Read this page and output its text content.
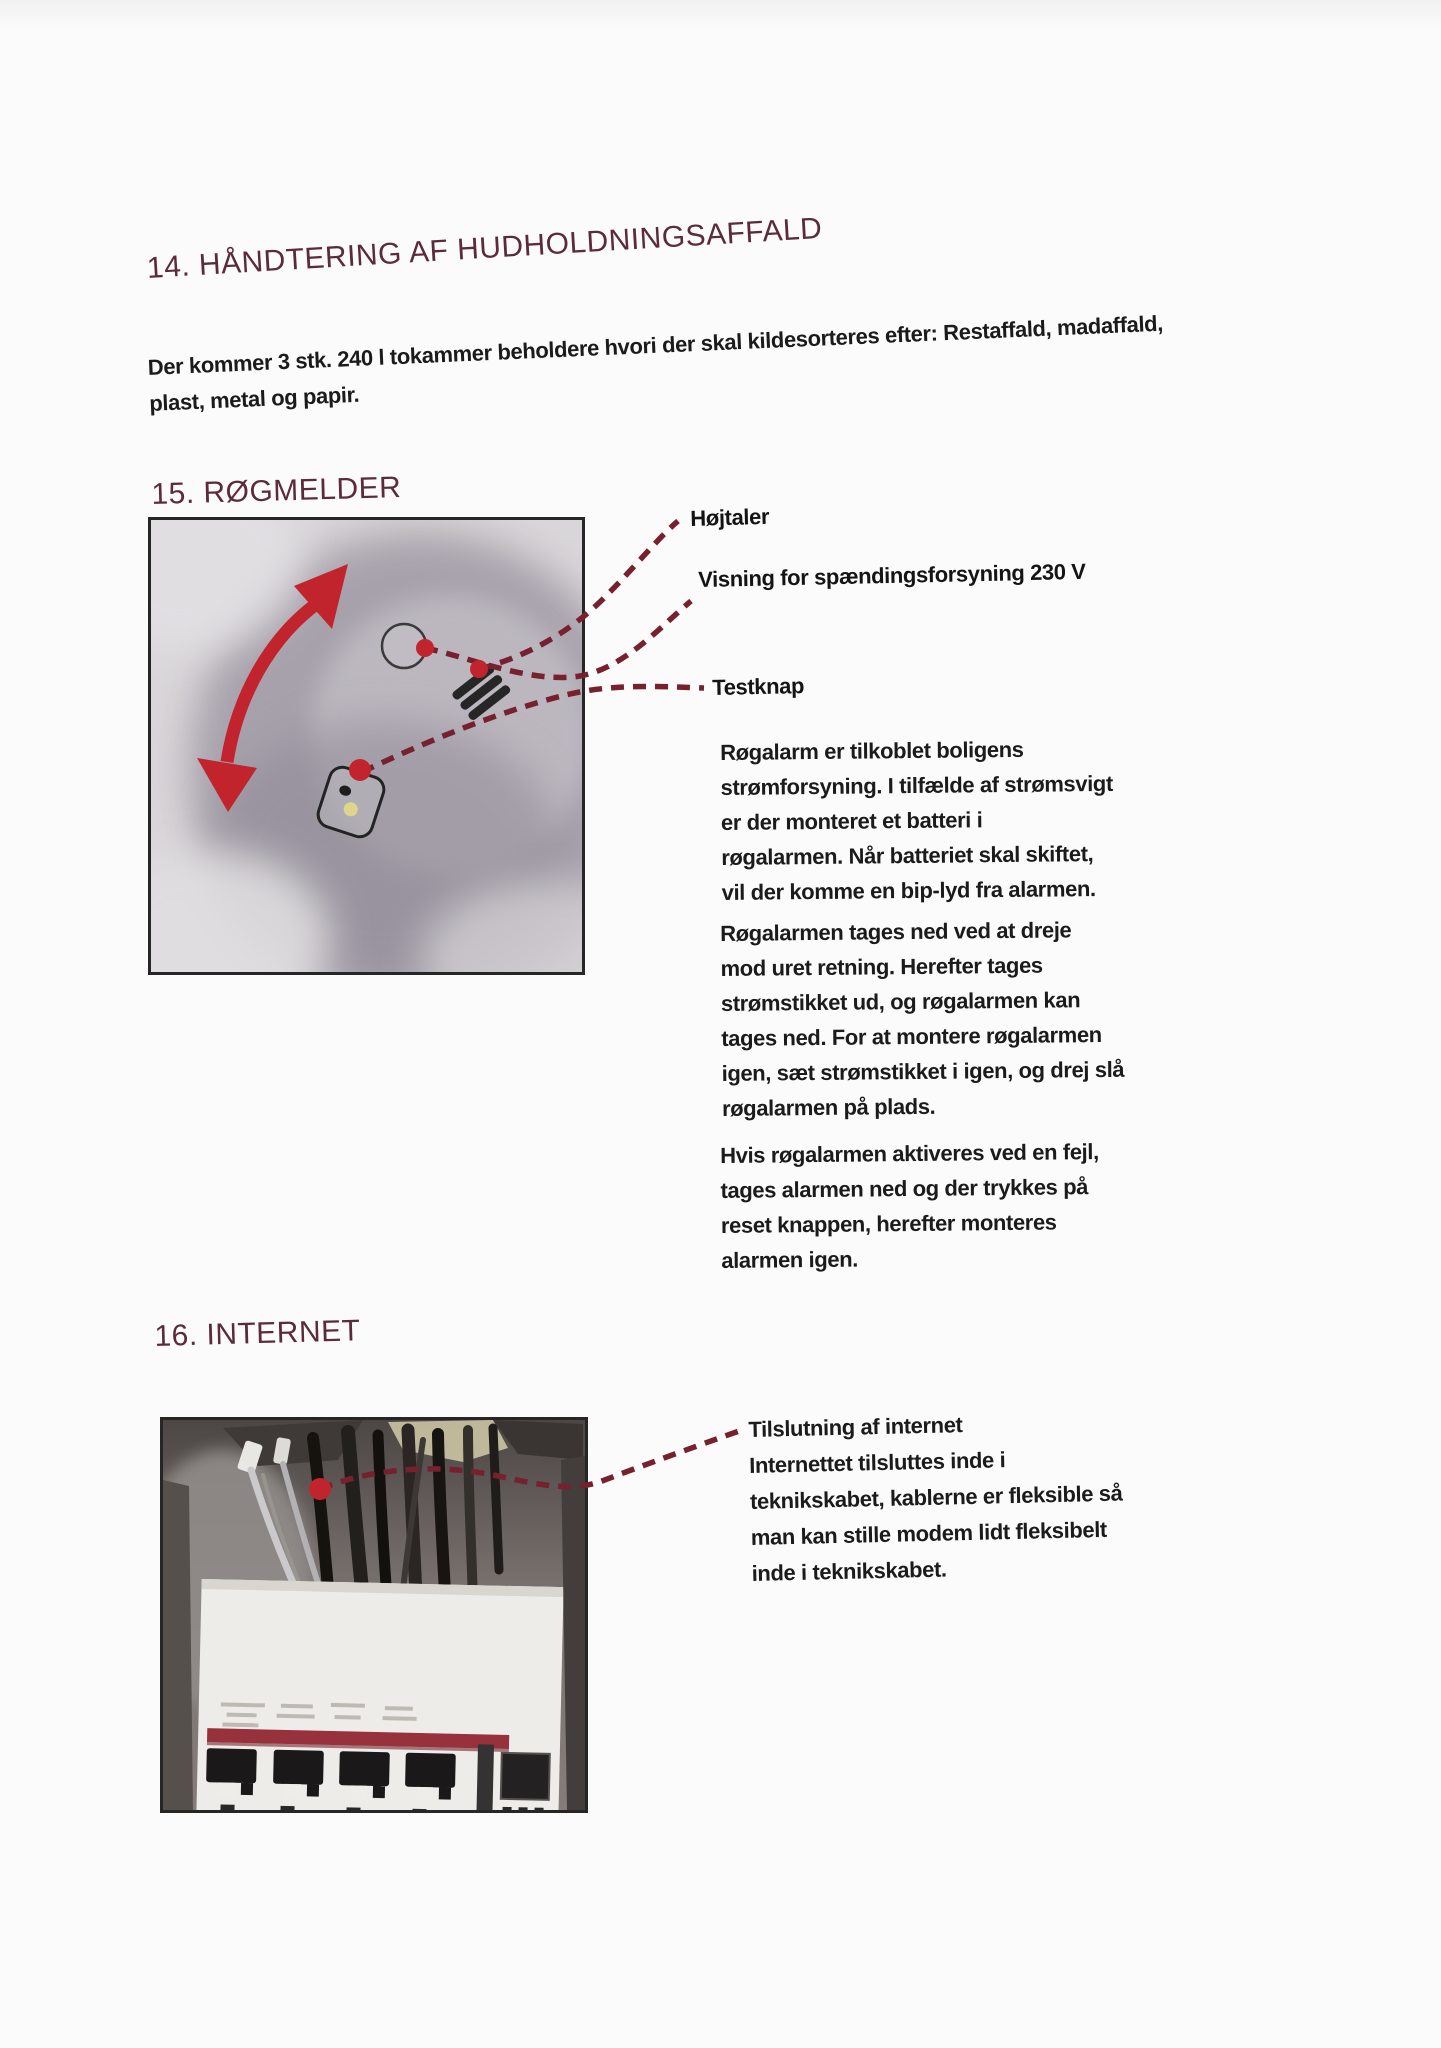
14. HÅNDTERING AF HUDHOLDNINGSAFFALD
Der kommer 3 stk. 240 l tokammer beholdere hvori der skal kildesorteres efter: Restaffald, madaffald,
plast, metal og papir.
15. RØGMELDER
Højtaler
Visning for spændingsforsyning 230 V
Testknap
Røgalarm er tilkoblet boligens
strømforsyning. I tilfælde af strømsvigt
er der monteret et batteri i
røgalarmen. Når batteriet skal skiftet,
vil der komme en bip-lyd fra alarmen.
Røgalarmen tages ned ved at dreje
mod uret retning. Herefter tages
strømstikket ud, og røgalarmen kan
tages ned. For at montere røgalarmen
igen, sæt strømstikket i igen, og drej slå
røgalarmen på plads.
Hvis røgalarmen aktiveres ved en fejl,
tages alarmen ned og der trykkes på
reset knappen, herefter monteres
alarmen igen.
16. INTERNET
Tilslutning af internet
Internettet tilsluttes inde i
teknikskabet, kablerne er fleksible så
man kan stille modem lidt fleksibelt
inde i teknikskabet.
